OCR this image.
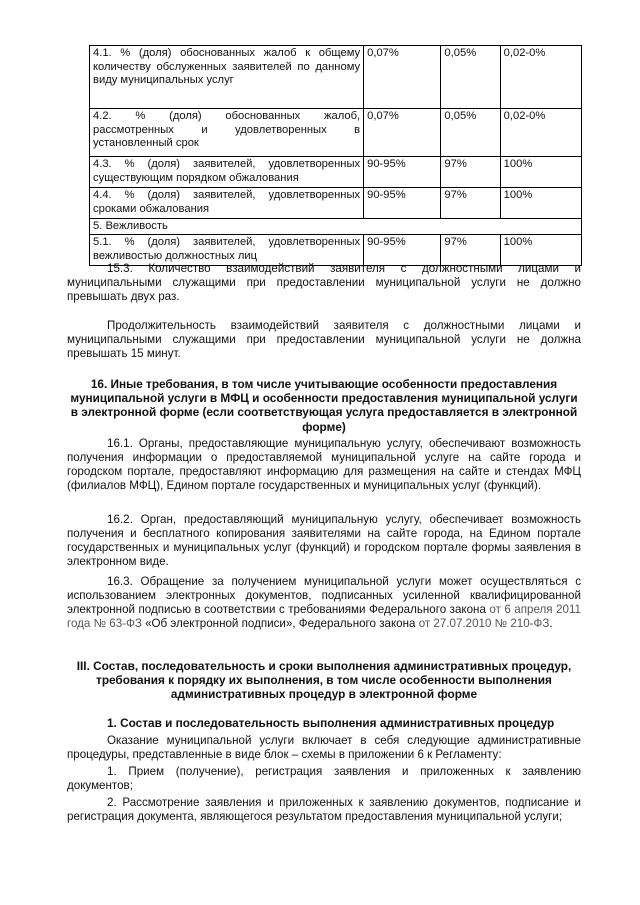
4.1. % (доля) обоснованных жалоб к общему количеству обслуженных заявителей по данному виду муниципальных услуг	0,07%	0,05%	0,02-0%
4.2. % (доля) обоснованных жалоб, рассмотренных и удовлетворенных в установленный срок	0,07%	0,05%	0,02-0%
4.3. % (доля) заявителей, удовлетворенных существующим порядком обжалования	90-95%	97%	100%
4.4. % (доля) заявителей, удовлетворенных сроками обжалования	90-95%	97%	100%
5. Вежливость			
5.1. % (доля) заявителей, удовлетворенных вежливостью должностных лиц	90-95%	97%	100%

15.3. Количество взаимодействий заявителя с должностными лицами и муниципальными служащими при предоставлении муниципальной услуги не должно превышать двух раз.

Продолжительность взаимодействий заявителя с должностными лицами и муниципальными служащими при предоставлении муниципальной услуги не должна превышать 15 минут.

16. Иные требования, в том числе учитывающие особенности предоставления муниципальной услуги в МФЦ и особенности предоставления муниципальной услуги в электронной форме (если соответствующая услуга предоставляется в электронной форме)

16.1. Органы, предоставляющие муниципальную услугу, обеспечивают возможность получения информации о предоставляемой муниципальной услуге на сайте города и городском портале, предоставляют информацию для размещения на сайте и стендах МФЦ (филиалов МФЦ), Едином портале государственных и муниципальных услуг (функций).

16.2. Орган, предоставляющий муниципальную услугу, обеспечивает возможность получения и бесплатного копирования заявителями на сайте города, на Едином портале государственных и муниципальных услуг (функций) и городском портале формы заявления в электронном виде.

16.3. Обращение за получением муниципальной услуги может осуществляться с использованием электронных документов, подписанных усиленной квалифицированной электронной подписью в соответствии с требованиями Федерального закона от 6 апреля 2011 года № 63-ФЗ «Об электронной подписи», Федерального закона от 27.07.2010 № 210-ФЗ.

III. Состав, последовательность и сроки выполнения административных процедур, требования к порядку их выполнения, в том числе особенности выполнения административных процедур в электронной форме

1. Состав и последовательность выполнения административных процедур

Оказание муниципальной услуги включает в себя следующие административные процедуры, представленные в виде блок – схемы в приложении 6 к Регламенту:

1. Прием (получение), регистрация заявления и приложенных к заявлению документов;

2. Рассмотрение заявления и приложенных к заявлению документов, подписание и регистрация документа, являющегося результатом предоставления муниципальной услуги;
